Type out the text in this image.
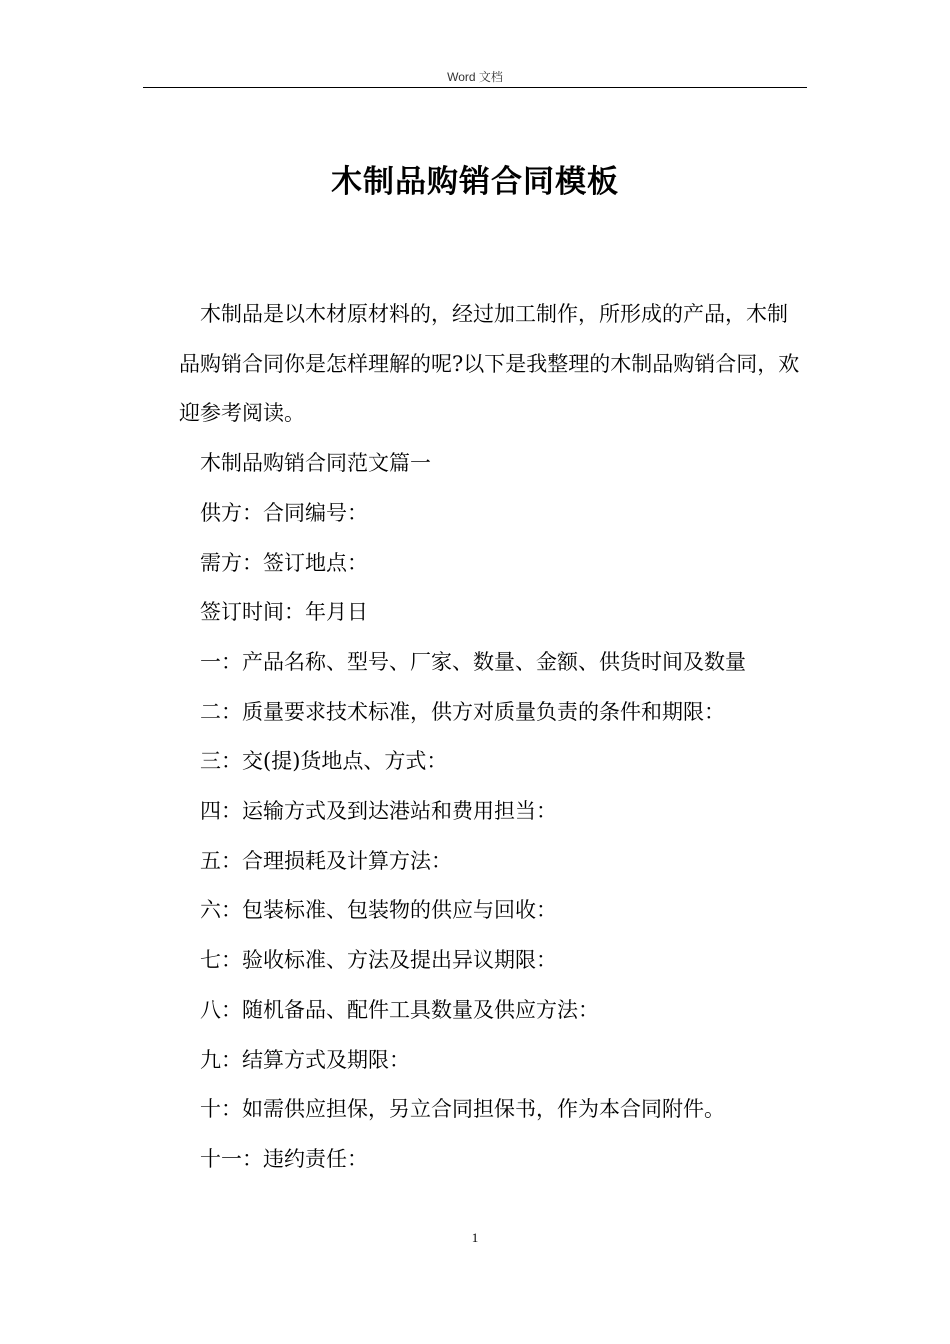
Word 文档
木制品购销合同模板

木制品是以木材原材料的，经过加工制作，所形成的产品，木制品购销合同你是怎样理解的呢?以下是我整理的木制品购销合同，欢迎参考阅读。

木制品购销合同范文篇一

供方：合同编号：

需方：签订地点：

签订时间：年月日

一：产品名称、型号、厂家、数量、金额、供货时间及数量

二：质量要求技术标准，供方对质量负责的条件和期限：

三：交(提)货地点、方式：

四：运输方式及到达港站和费用担当：

五：合理损耗及计算方法：

六：包装标准、包装物的供应与回收：

七：验收标准、方法及提出异议期限：

八：随机备品、配件工具数量及供应方法：

九：结算方式及期限：

十：如需供应担保，另立合同担保书，作为本合同附件。

十一：违约责任：

1
